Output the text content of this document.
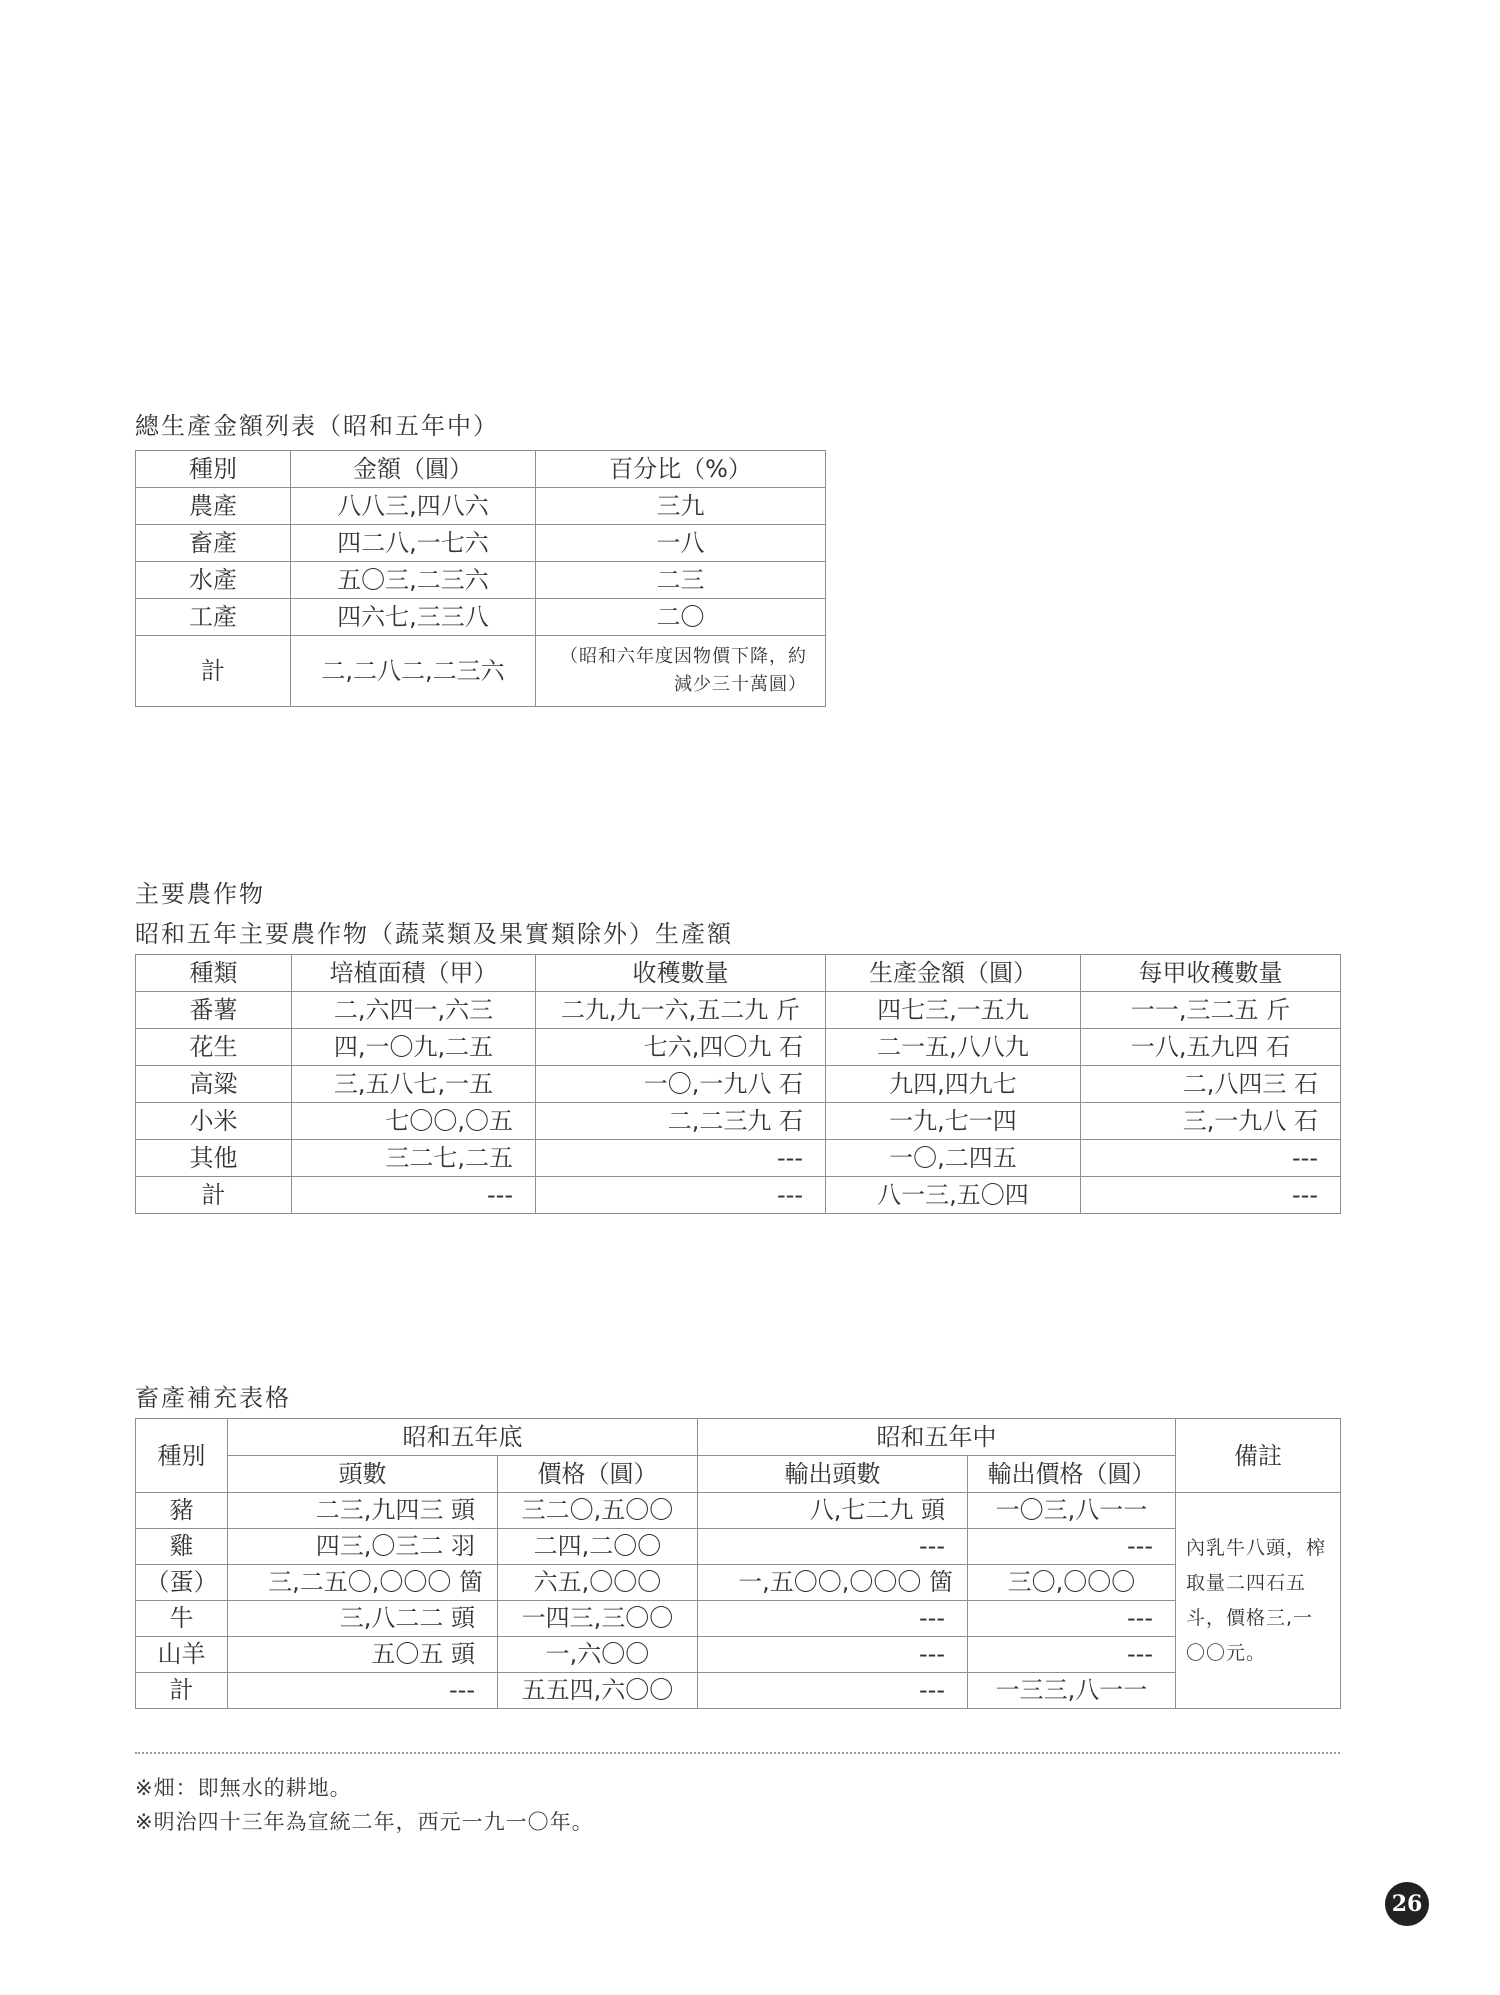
總生產金額列表（昭和五年中）
種別	金額（圓）	百分比（%）
農產	八八三,四八六	三九
畜產	四二八,一七六	一八
水產	五〇三,二三六	二三
工產	四六七,三三八	二〇
計	二,二八二,二三六	（昭和六年度因物價下降，約減少三十萬圓）
主要農作物
昭和五年主要農作物（蔬菜類及果實類除外）生產額
種類	培植面積（甲）	收穫數量	生產金額（圓）	每甲收穫數量
番薯	二,六四一,六三	二九,九一六,五二九 斤	四七三,一五九	一一,三二五 斤
花生	四,一〇九,二五	七六,四〇九 石	二一五,八八九	一八,五九四 石
高粱	三,五八七,一五	一〇,一九八 石	九四,四九七	二,八四三 石
小米	七〇〇,〇五	二,二三九 石	一九,七一四	三,一九八 石
其他	三二七,二五	---	一〇,二四五	---
計	---	---	八一三,五〇四	---
畜產補充表格
種別	昭和五年底		昭和五年中		備註
	頭數	價格（圓）	輸出頭數	輸出價格（圓）	
豬	二三,九四三 頭	三二〇,五〇〇	八,七二九 頭	一〇三,八一一	內乳牛八頭，榨取量二四石五斗，價格三,一〇〇元。
雞	四三,〇三二 羽	二四,二〇〇	---	---	
（蛋）	三,二五〇,〇〇〇 箇	六五,〇〇〇	一,五〇〇,〇〇〇 箇	三〇,〇〇〇	
牛	三,八二二 頭	一四三,三〇〇	---	---	
山羊	五〇五 頭	一,六〇〇	---	---	
計	---	五五四,六〇〇	---	一三三,八一一	
※畑：即無水的耕地。
※明治四十三年為宣統二年，西元一九一〇年。
26
